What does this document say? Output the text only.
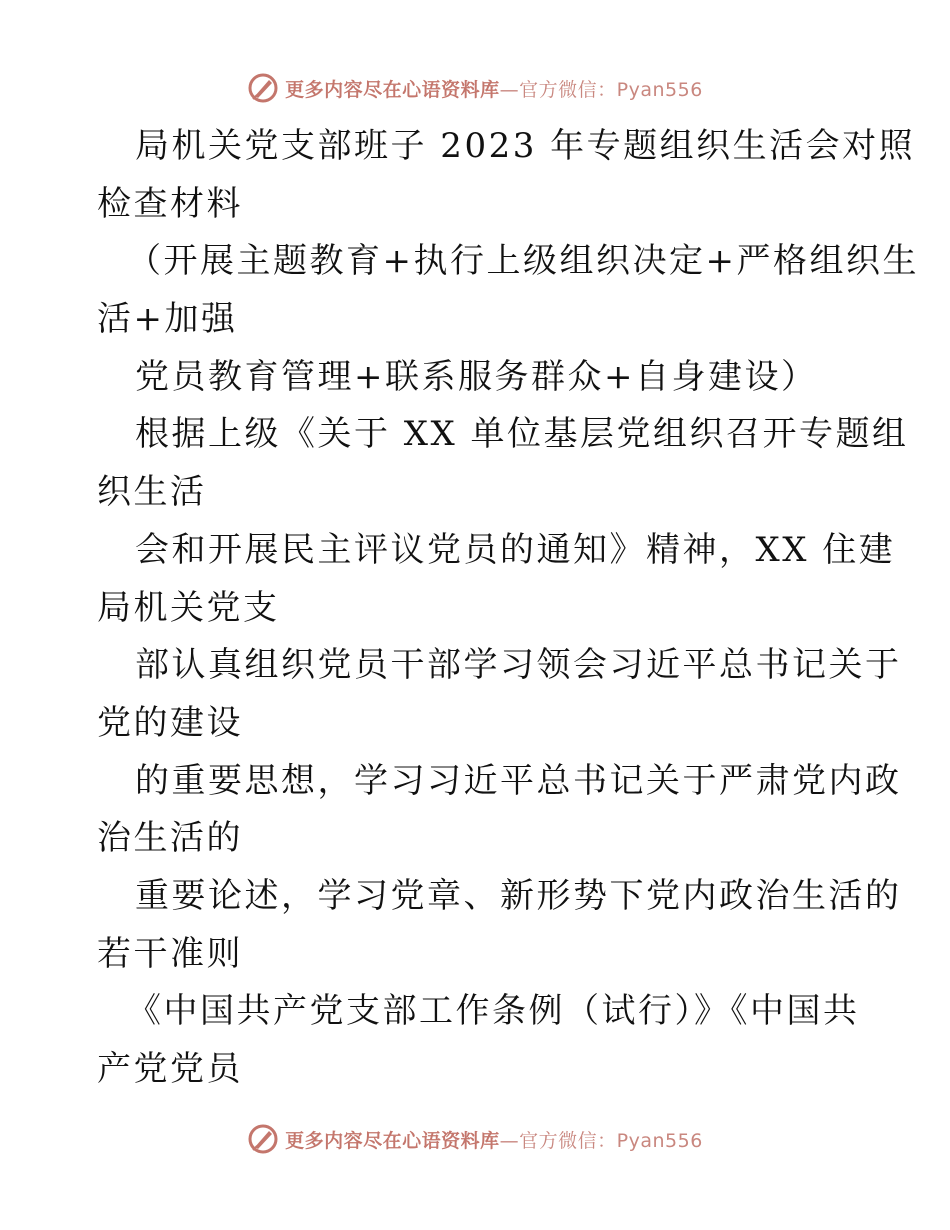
更多内容尽在心语资料库—官方微信：Pyan556
局机关党支部班子 2023 年专题组织生活会对照
检查材料
（开展主题教育+执行上级组织决定+严格组织生
活+加强
党员教育管理+联系服务群众+自身建设）
根据上级《关于 XX 单位基层党组织召开专题组
织生活
会和开展民主评议党员的通知》精神，XX 住建
局机关党支
部认真组织党员干部学习领会习近平总书记关于
党的建设
的重要思想，学习习近平总书记关于严肃党内政
治生活的
重要论述，学习党章、新形势下党内政治生活的
若干准则
《中国共产党支部工作条例（试行）》《中国共
产党党员
更多内容尽在心语资料库—官方微信：Pyan556
